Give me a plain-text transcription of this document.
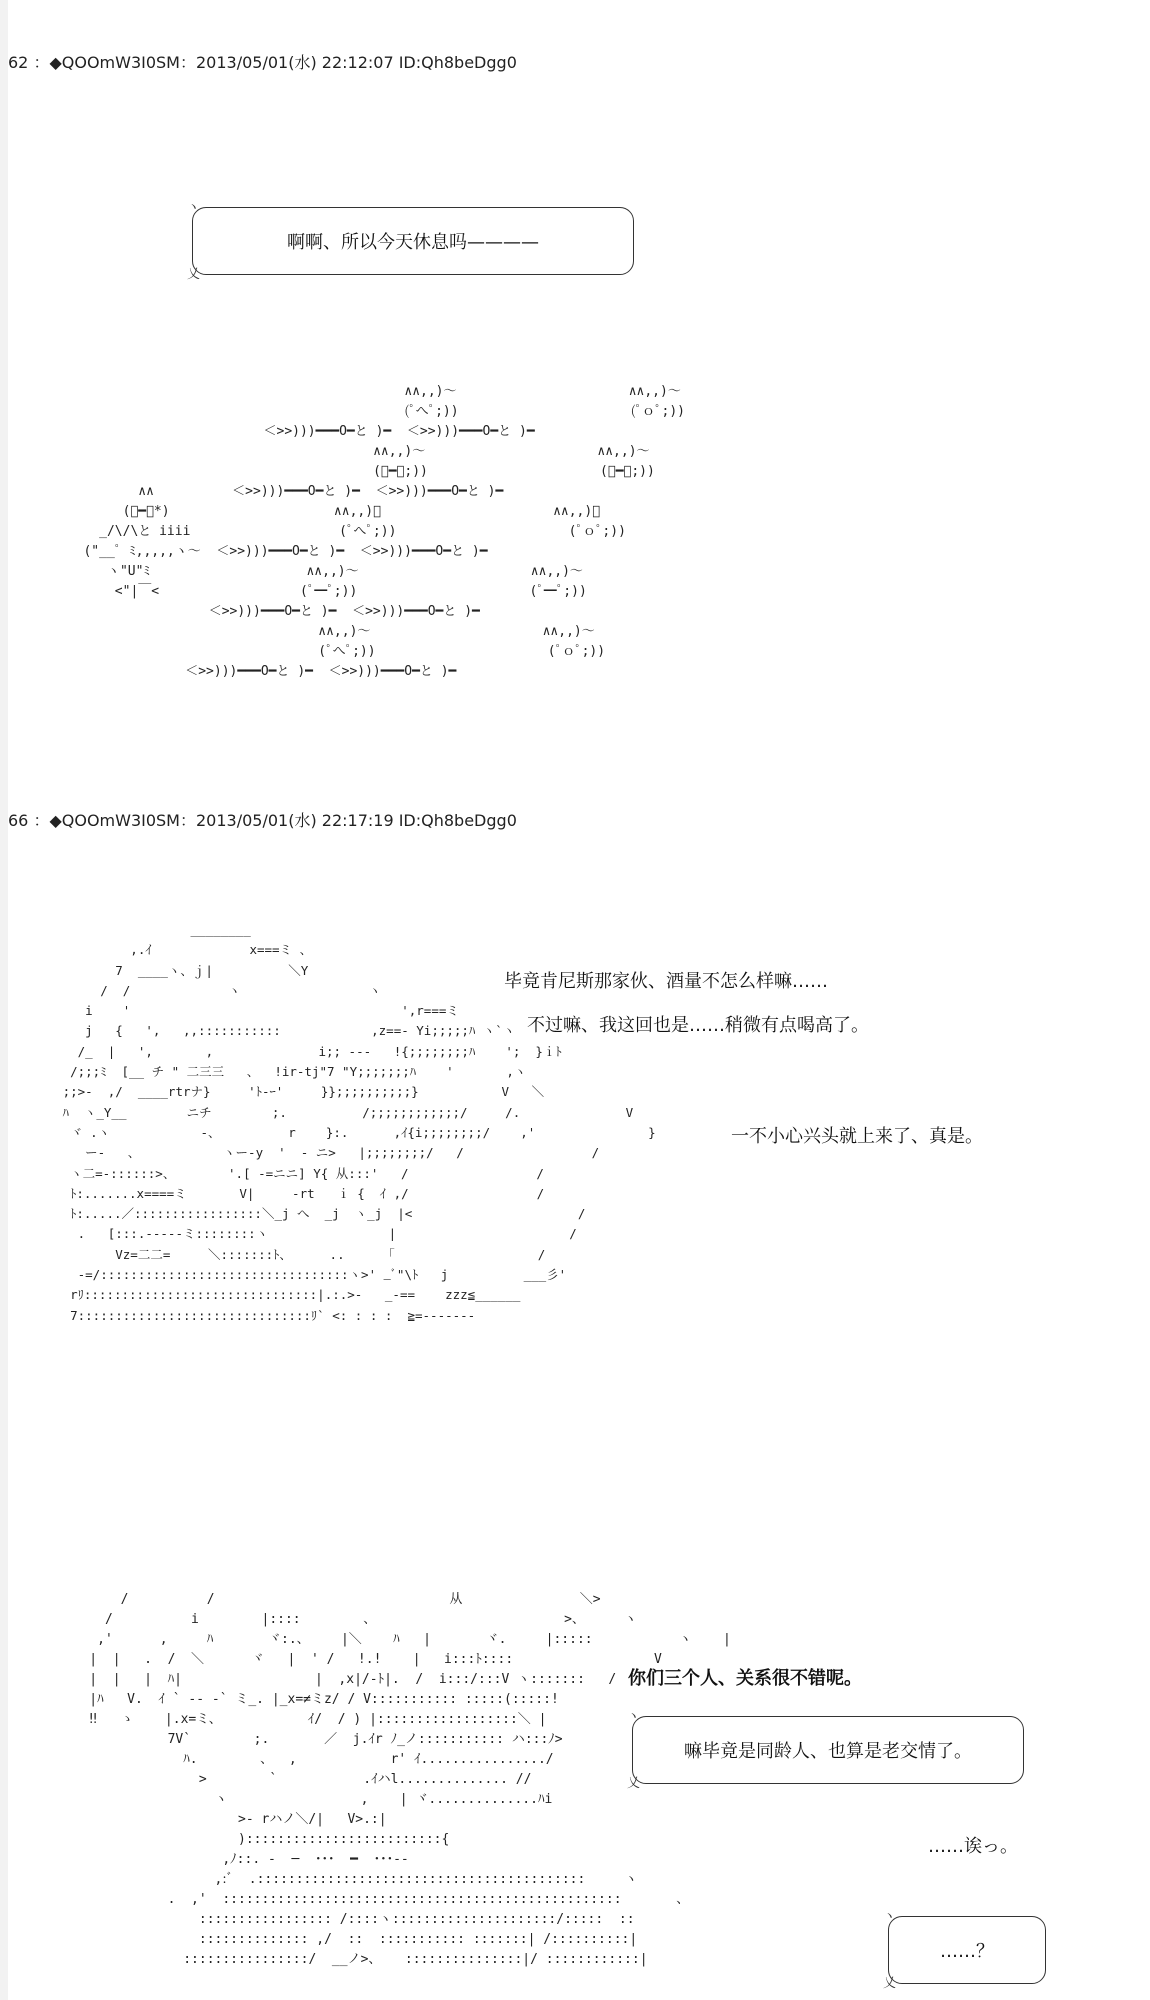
62 ：◆QOOmW3I0SM：2013/05/01(水) 22:12:07 ID:Qh8beDgg0
ヽ
啊啊、所以今天休息吗————
乂
∧∧,,)～                      ∧∧,,)～
(ﾟへﾟ;))                      (ﾟｏﾟ;))
＜>>)))━━━O━と )━  ＜>>)))━━━O━と )━
∧∧,,)～                      ∧∧,,)～
(ﾟ━ﾟ;))                      (ﾟ━ﾟ;))
∧∧          ＜>>)))━━━O━と )━  ＜>>)))━━━O━と )━
(ﾟ━ﾟ*)                     ∧∧,,)～                      ∧∧,,)～
_/\/\と iiii                   (ﾟへﾟ;))                      (ﾟｏﾟ;))
("__ﾟ ﾐ,,,,,ヽ～  ＜>>)))━━━O━と )━  ＜>>)))━━━O━と )━
ヽ"U"ﾐ                    ∧∧,,)～                      ∧∧,,)～
<"|￣<                  (ﾟ━ﾟ;))                      (ﾟ━ﾟ;))
＜>>)))━━━O━と )━  ＜>>)))━━━O━と )━
∧∧,,)～                      ∧∧,,)～
(ﾟへﾟ;))                      (ﾟｏﾟ;))
＜>>)))━━━O━と )━  ＜>>)))━━━O━と )━
66 ：◆QOOmW3I0SM：2013/05/01(水) 22:17:19 ID:Qh8beDgg0
________
,.ｲ             x===ミ 、
7  ____ヽ、ｊ|          ＼Y
/  /             ヽ                 ヽ
i    '                                    ',r===ミ
j   {   ',   ,,:::::::::::            ,z==- Yi;;;;;ﾊ ヽ`ヽ
/_  |   ',       ,              i;; -‐‐   !{;;;;;;;;ﾊ    ';  }ｉﾄ
/;;;ﾐ  [__ チ " 二三三   、  !ir-tj"7 "Y;;;;;;;ﾊ    '       ,ヽ
;;>-  ,/  ____rtrナ}     'ﾄ-ｰ'     }};;;;;;;;;;}           V   ＼
ﾊ  ヽ_Y__        ニチ        ;.          /;;;;;;;;;;;;/     /.              V
ヾ .ヽ            -、         r    }:.      ,ｲ{i;;;;;;;;/    ,'               }
ー-   、           ヽー-y  '  ‐ ニ>   |;;;;;;;;/   /                 /
ヽ二=-::::::>、       '.[ ‐=ニニ] Y{ 从:::'   /                 /
ﾄ:.......x====ミ       V|     ‐rt   ｉ {  ｲ ,/                 /
ﾄ:.....／:::::::::::::::::＼_j へ  _j  ヽ_j  |<                      /
.   [:::.-‐‐‐‐ミ::::::::ヽ                |                       /
Vz=二二=     ＼:::::::ﾄ、     ..     「                   /
-=/:::::::::::::::::::::::::::::::::ヽ>' _ﾞ"\ﾄ   j          ___彡'
rﾘ:::::::::::::::::::::::::::::::|.:.>-   _-==    zzz≦______
7:::::::::::::::::::::::::::::::ﾘ` <: : : :  ≧=‐‐‐‐‐‐‐
毕竟肯尼斯那家伙、酒量不怎么样嘛……
不过嘛、我这回也是……稍微有点喝高了。
一不小心兴头就上来了、真是。
/          /                              从               ＼>
/          i        |::::        、                        >、     ヽ
,'      ,     ﾊ       ヾ:.、    |＼    ﾊ   |       ヾ.     |:::::           ヽ    |
|  |   .  /  ＼      ヾ   |  ' /   !.!    |   i:::ﾄ::::                  V
|  |   |  ﾊ|                 |  ,x|/‐ﾄ|.  /  i:::/:::V ヽ:::::::   /
|ﾊ   V.  ｲ ` -‐ -` ミ_. |_x=≠ミz/ / V::::::::::: :::::(:::::!
‼   ゝ    |.x=ミ、           ｲ/  / ) |::::::::::::::::::＼ |
7V`        ;.       ／  j.ｲr ﾉ_ノ::::::::::: ハ:::ﾉ>
ﾊ.        、  ,            r' ｲ................/
>        `           .ｲハl.............. //
ヽ                 ,    | ヾ..............ﾊi
>- rハノ＼/|   V>.:|
):::::::::::::::::::::::::{
,ﾉ::. ‐  ─  ･･･  ━  ･･･‐-
,:ﾞ  .::::::::::::::::::::::::::::::::::::::::::     ヽ
.  ,'  :::::::::::::::::::::::::::::::::::::::::::::::::::       、
::::::::::::::::: /::::ヽ:::::::::::::::::::::/:::::  ::
:::::::::::::: ,/  ::  ::::::::::: :::::::| /::::::::::|
::::::::::::::::/  __ノ>、   :::::::::::::::|/ ::::::::::::|
你们三个人、关系很不错呢。
ヽ
嘛毕竟是同龄人、也算是老交情了。
乂
……诶っ。
ヽ
……？
乂
